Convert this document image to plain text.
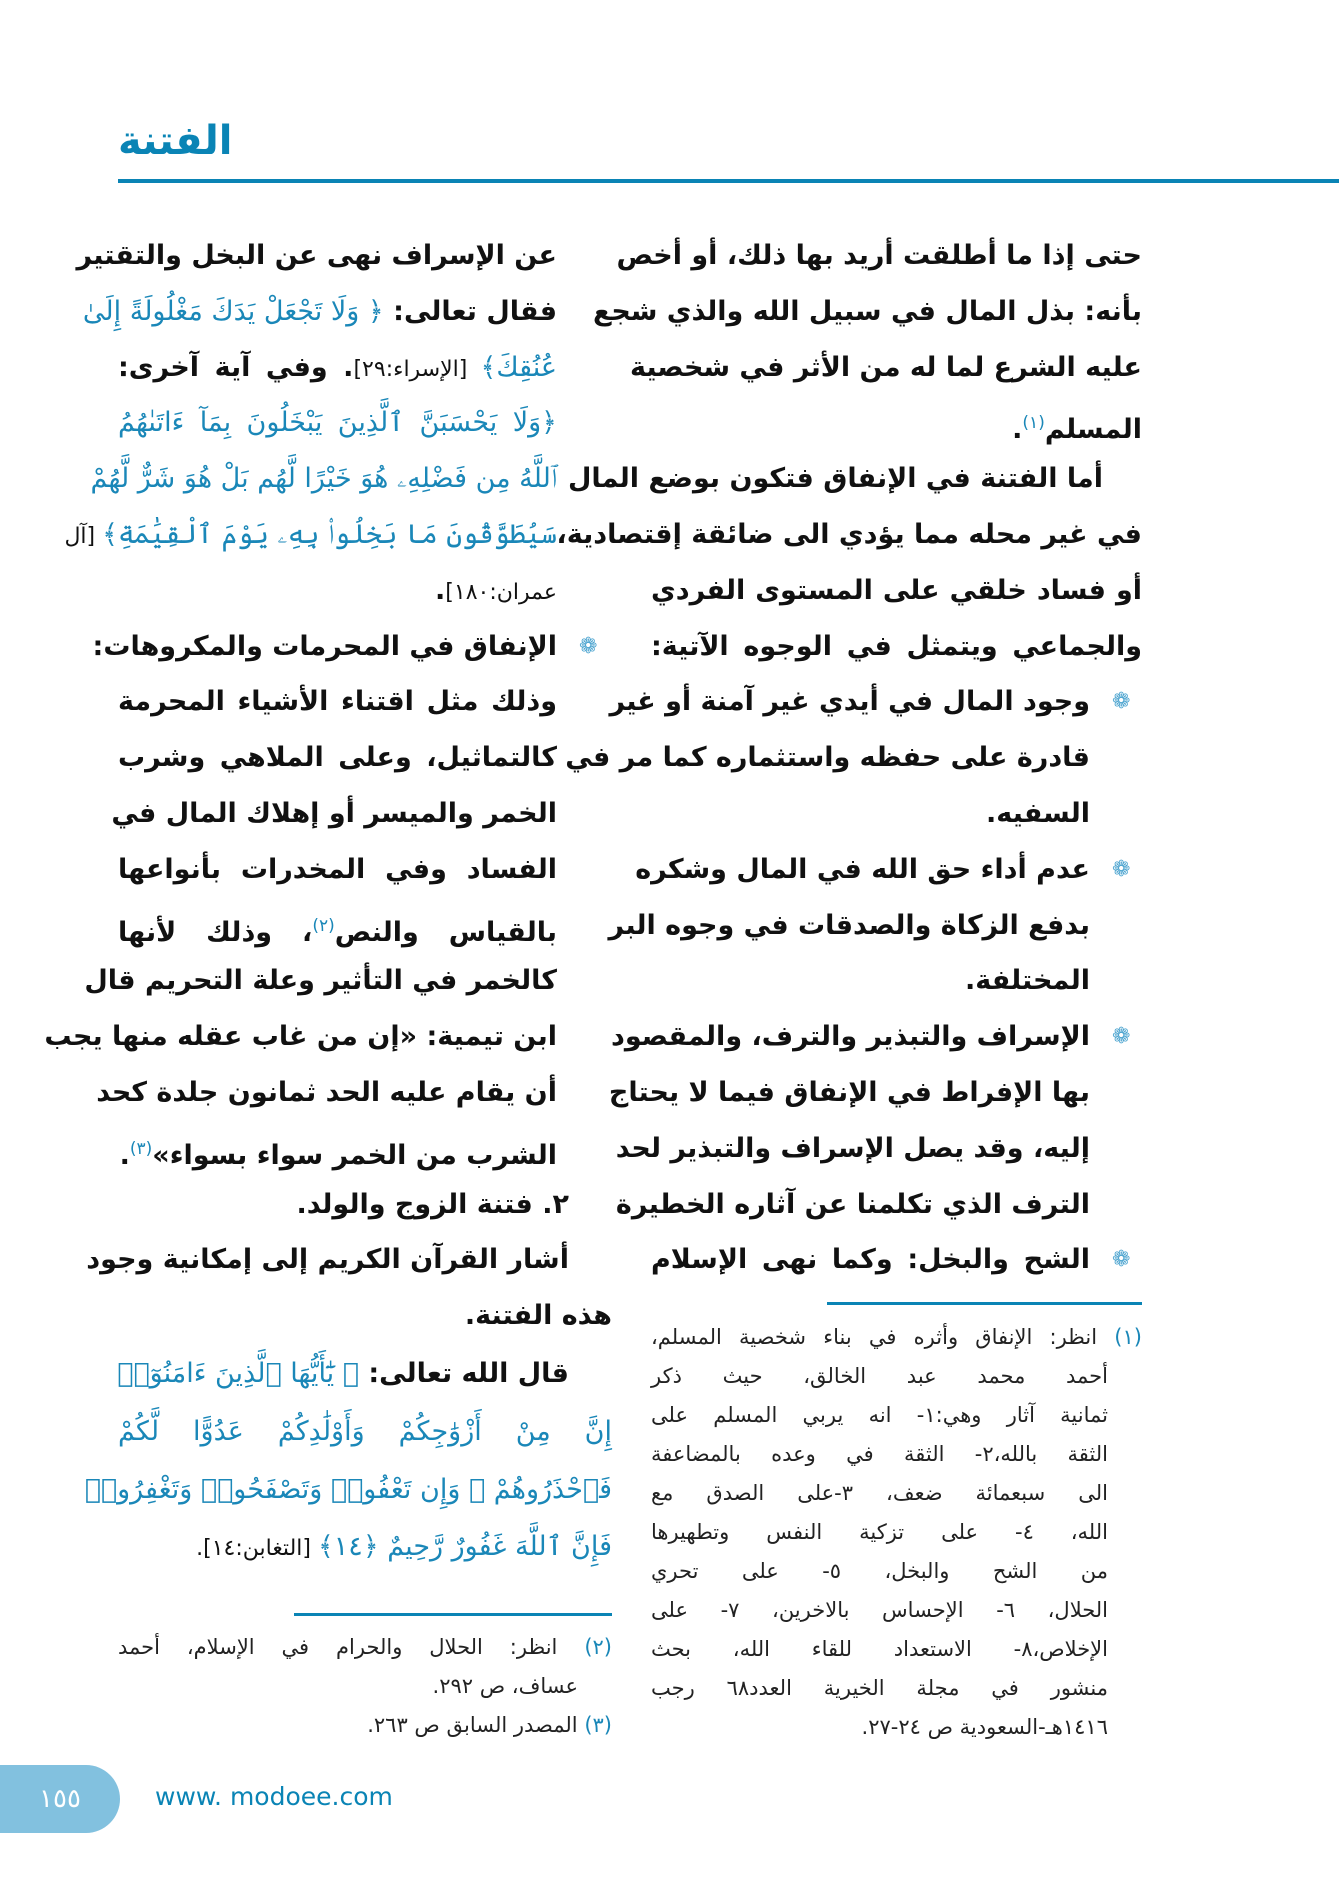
الفتنة
حتى إذا ما أطلقت أريد بها ذلك، أو أخص
بأنه: بذل المال في سبيل الله والذي شجع
عليه الشرع لما له من الأثر في شخصية
المسلم$^{(١)}$.
أما الفتنة في الإنفاق فتكون بوضع المال
في غير محله مما يؤدي الى ضائقة إقتصادية،
أو فساد خلقي على المستوى الفردي
والجماعي ويتمثل في الوجوه الآتية:
وجود المال في أيدي غير آمنة أو غير ❁
قادرة على حفظه واستثماره كما مر في
السفيه.
عدم أداء حق الله في المال وشكره ❁
بدفع الزكاة والصدقات في وجوه البر
المختلفة.
الإسراف والتبذير والترف، والمقصود ❁
بها الإفراط في الإنفاق فيما لا يحتاج
إليه، وقد يصل الإسراف والتبذير لحد
الترف الذي تكلمنا عن آثاره الخطيرة
الشح والبخل: وكما نهى الإسلام ❁
عن الإسراف نهى عن البخل والتقتير
فقال تعالى: ﴿ وَلَا تَجْعَلْ يَدَكَ مَغْلُولَةً إِلَىٰ
عُنُقِكَ﴾ [الإسراء:٢٩]. وفي آية آخرى:
﴿وَلَا يَحْسَبَنَّ ٱلَّذِينَ يَبْخَلُونَ بِمَآ ءَاتَىٰهُمُ
ٱللَّهُ مِن فَضْلِهِۦ هُوَ خَيْرًا لَّهُم بَلْ هُوَ شَرٌّ لَّهُمْ
سَيُطَوَّقُونَ مَا بَخِلُوا۟ بِهِۦ يَوْمَ ٱلْقِيَٰمَةِ﴾ [آل
عمران:١٨٠].
الإنفاق في المحرمات والمكروهات: ❁
وذلك مثل اقتناء الأشياء المحرمة
كالتماثيل، وعلى الملاهي وشرب
الخمر والميسر أو إهلاك المال في
الفساد وفي المخدرات بأنواعها
بالقياس والنص$^{(٢)}$، وذلك لأنها
كالخمر في التأثير وعلة التحريم قال
ابن تيمية: «إن من غاب عقله منها يجب
أن يقام عليه الحد ثمانون جلدة كحد
الشرب من الخمر سواء بسواء»$^{(٣)}$.
٢. فتنة الزوج والولد.
أشار القرآن الكريم إلى إمكانية وجود
هذه الفتنة.
قال الله تعالى: ﴿ يَٰٓأَيُّهَا ٱلَّذِينَ ءَامَنُوٓا۟
إِنَّ مِنْ أَزْوَٰجِكُمْ وَأَوْلَٰدِكُمْ عَدُوًّا لَّكُمْ
فَٱحْذَرُوهُمْ ۚ وَإِن تَعْفُوا۟ وَتَصْفَحُوا۟ وَتَغْفِرُوا۟
فَإِنَّ ٱللَّهَ غَفُورٌ رَّحِيمٌ ﴿١٤﴾ [التغابن:١٤].
(١) انظر: الإنفاق وأثره في بناء شخصية المسلم،
أحمد محمد عبد الخالق، حيث ذكر
ثمانية آثار وهي:١- انه يربي المسلم على
الثقة بالله،٢- الثقة في وعده بالمضاعفة
الى سبعمائة ضعف، ٣-على الصدق مع
الله، ٤- على تزكية النفس وتطهيرها
من الشح والبخل، ٥- على تحري
الحلال، ٦- الإحساس بالاخرين، ٧- على
الإخلاص،٨- الاستعداد للقاء الله، بحث
منشور في مجلة الخيرية العدد٦٨ رجب
١٤١٦هـ-السعودية ص ٢٤-٢٧.
(٢) انظر: الحلال والحرام في الإسلام، أحمد
عساف، ص ٢٩٢.
(٣) المصدر السابق ص ٢٦٣.
١٥٥	www. modoee.com
